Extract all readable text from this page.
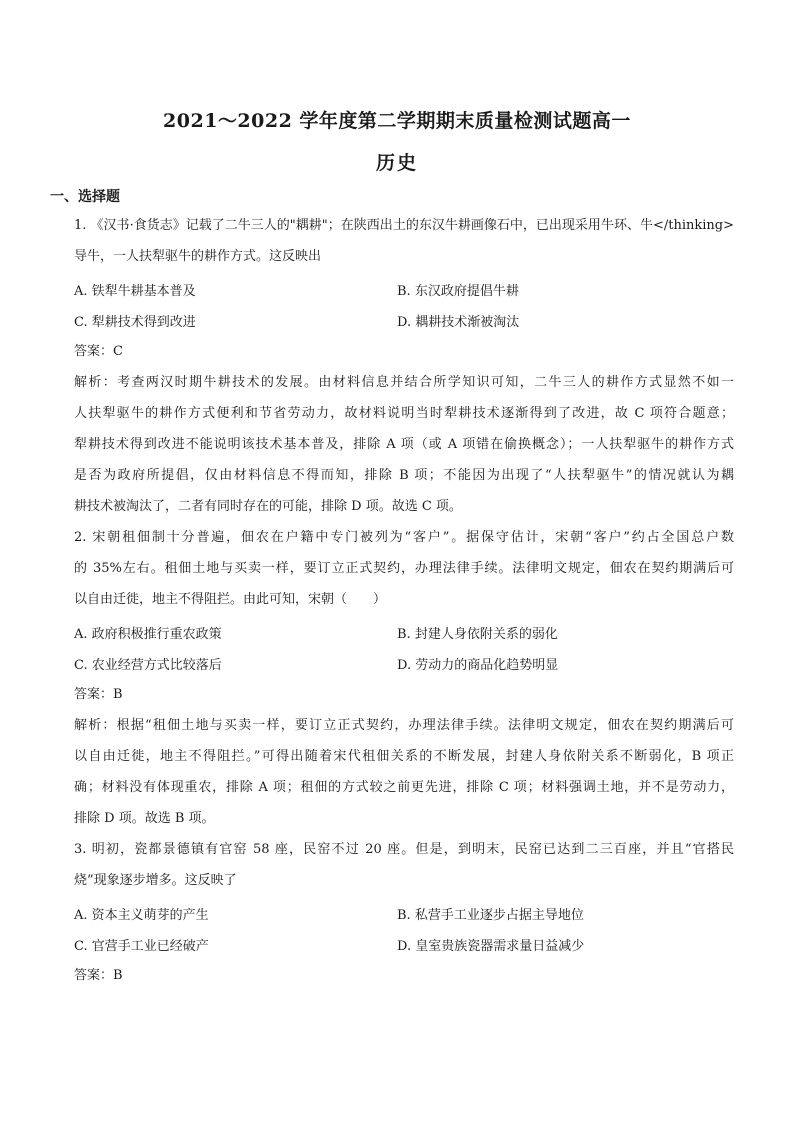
2021～2022 学年度第二学期期末质量检测试题高一
历史
一、选择题
1. 《汉书·食货志》记载了二牛三人的"耦耕"；在陕西出土的东汉牛耕画像石中，已出现采用牛环、牛</thinking>
导牛，一人扶犁驱牛的耕作方式。这反映出
A. 铁犁牛耕基本普及	B. 东汉政府提倡牛耕
C. 犁耕技术得到改进	D. 耦耕技术渐被淘汰
答案：C
解析：考查两汉时期牛耕技术的发展。由材料信息并结合所学知识可知，二牛三人的耕作方式显然不如一
人扶犁驱牛的耕作方式便利和节省劳动力，故材料说明当时犁耕技术逐渐得到了改进，故 C 项符合题意；
犁耕技术得到改进不能说明该技术基本普及，排除 A 项（或 A 项错在偷换概念）；一人扶犁驱牛的耕作方式
是否为政府所提倡，仅由材料信息不得而知，排除 B 项；不能因为出现了“人扶犁驱牛”的情况就认为耦
耕技术被淘汰了，二者有同时存在的可能，排除 D 项。故选 C 项。
2. 宋朝租佃制十分普遍，佃农在户籍中专门被列为“客户”。据保守估计，宋朝“客户”约占全国总户数
的 35%左右。租佃土地与买卖一样，要订立正式契约，办理法律手续。法律明文规定，佃农在契约期满后可
以自由迁徙，地主不得阻拦。由此可知，宋朝（　　）
A. 政府积极推行重农政策	B. 封建人身依附关系的弱化
C. 农业经营方式比较落后	D. 劳动力的商品化趋势明显
答案：B
解析：根据“租佃土地与买卖一样，要订立正式契约，办理法律手续。法律明文规定，佃农在契约期满后可
以自由迁徙，地主不得阻拦。”可得出随着宋代租佃关系的不断发展，封建人身依附关系不断弱化，B 项正
确；材料没有体现重农，排除 A 项；租佃的方式较之前更先进，排除 C 项；材料强调土地，并不是劳动力，
排除 D 项。故选 B 项。
3. 明初，瓷都景德镇有官窑 58 座，民窑不过 20 座。但是，到明末，民窑已达到二三百座，并且“官搭民
烧”现象逐步增多。这反映了
A. 资本主义萌芽的产生	B. 私营手工业逐步占据主导地位
C. 官营手工业已经破产	D. 皇室贵族瓷器需求量日益减少
答案：B
